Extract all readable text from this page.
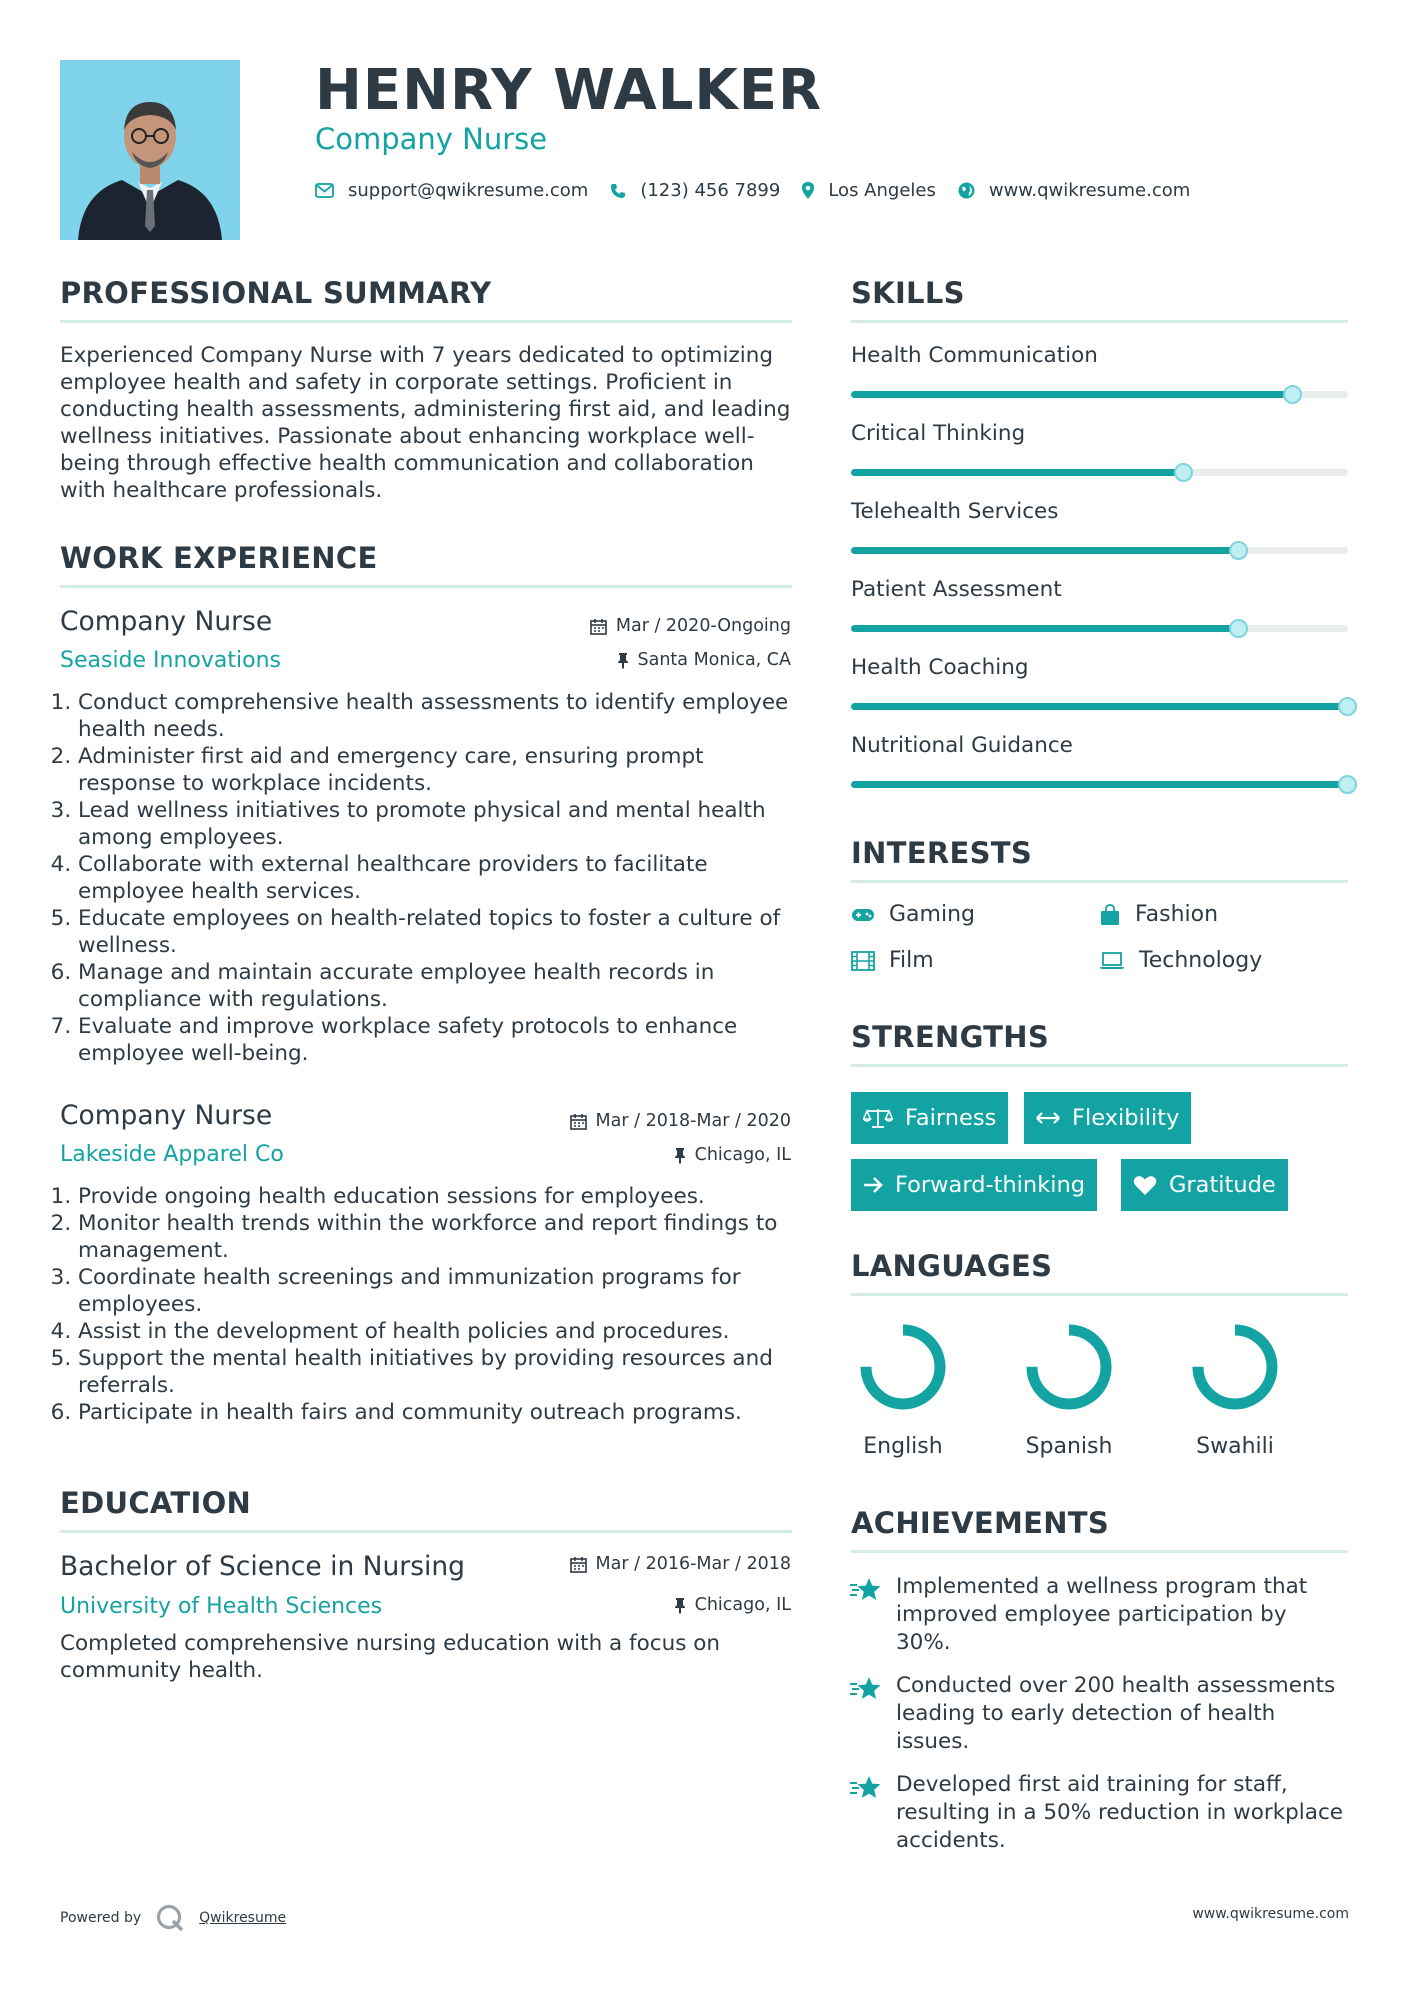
HENRY WALKER
Company Nurse
support@qwikresume.com	(123) 456 7899	Los Angeles	www.qwikresume.com
PROFESSIONAL SUMMARY
Experienced Company Nurse with 7 years dedicated to optimizing employee health and safety in corporate settings. Proficient in conducting health assessments, administering first aid, and leading wellness initiatives. Passionate about enhancing workplace well-being through effective health communication and collaboration with healthcare professionals.
WORK EXPERIENCE
Company Nurse	Mar / 2020-Ongoing
Seaside Innovations	Santa Monica, CA
1. Conduct comprehensive health assessments to identify employee health needs.
2. Administer first aid and emergency care, ensuring prompt response to workplace incidents.
3. Lead wellness initiatives to promote physical and mental health among employees.
4. Collaborate with external healthcare providers to facilitate employee health services.
5. Educate employees on health-related topics to foster a culture of wellness.
6. Manage and maintain accurate employee health records in compliance with regulations.
7. Evaluate and improve workplace safety protocols to enhance employee well-being.
Company Nurse	Mar / 2018-Mar / 2020
Lakeside Apparel Co	Chicago, IL
1. Provide ongoing health education sessions for employees.
2. Monitor health trends within the workforce and report findings to management.
3. Coordinate health screenings and immunization programs for employees.
4. Assist in the development of health policies and procedures.
5. Support the mental health initiatives by providing resources and referrals.
6. Participate in health fairs and community outreach programs.
EDUCATION
Bachelor of Science in Nursing	Mar / 2016-Mar / 2018
University of Health Sciences	Chicago, IL
Completed comprehensive nursing education with a focus on community health.
SKILLS
Health Communication
Critical Thinking
Telehealth Services
Patient Assessment
Health Coaching
Nutritional Guidance
INTERESTS
Gaming	Fashion
Film	Technology
STRENGTHS
Fairness	Flexibility
Forward-thinking	Gratitude
LANGUAGES
English	Spanish	Swahili
ACHIEVEMENTS
Implemented a wellness program that improved employee participation by 30%.
Conducted over 200 health assessments leading to early detection of health issues.
Developed first aid training for staff, resulting in a 50% reduction in workplace accidents.
Powered by	Qwikresume	www.qwikresume.com
